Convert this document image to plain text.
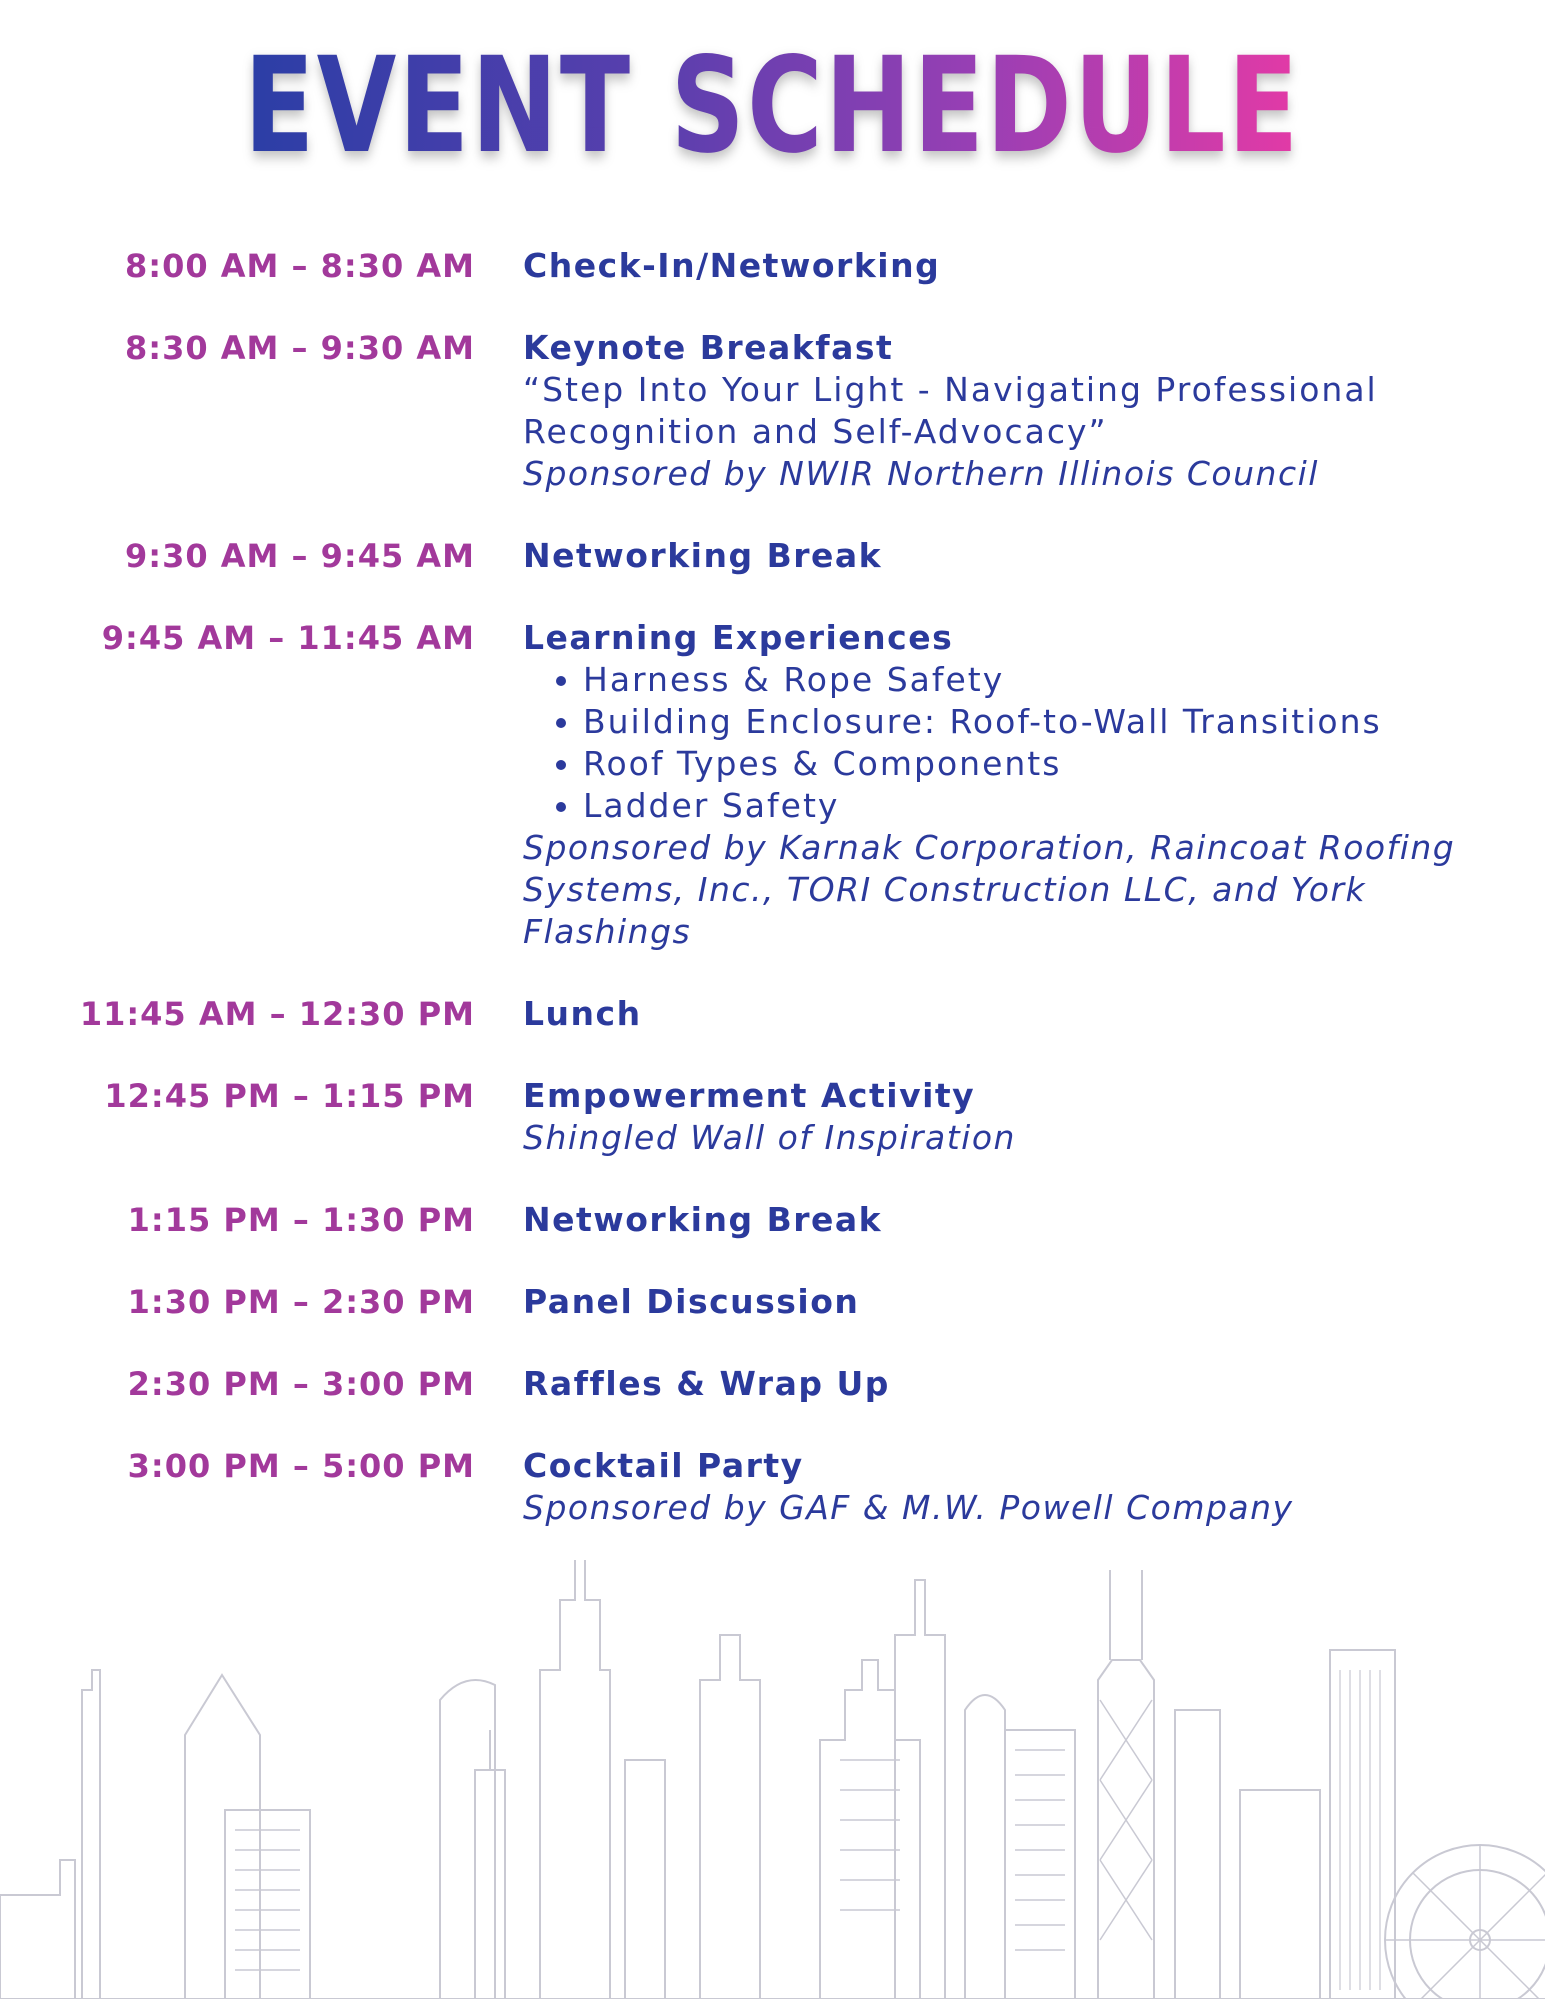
EVENT SCHEDULE
8:00 AM – 8:30 AM Check-In/Networking
8:30 AM – 9:30 AM Keynote Breakfast
“Step Into Your Light - Navigating Professional Recognition and Self-Advocacy”
Sponsored by NWIR Northern Illinois Council
9:30 AM – 9:45 AM Networking Break
9:45 AM – 11:45 AM Learning Experiences
• Harness & Rope Safety
• Building Enclosure: Roof-to-Wall Transitions
• Roof Types & Components
• Ladder Safety
Sponsored by Karnak Corporation, Raincoat Roofing Systems, Inc., TORI Construction LLC, and York Flashings
11:45 AM – 12:30 PM Lunch
12:45 PM – 1:15 PM Empowerment Activity
Shingled Wall of Inspiration
1:15 PM – 1:30 PM Networking Break
1:30 PM – 2:30 PM Panel Discussion
2:30 PM – 3:00 PM Raffles & Wrap Up
3:00 PM – 5:00 PM Cocktail Party
Sponsored by GAF & M.W. Powell Company
